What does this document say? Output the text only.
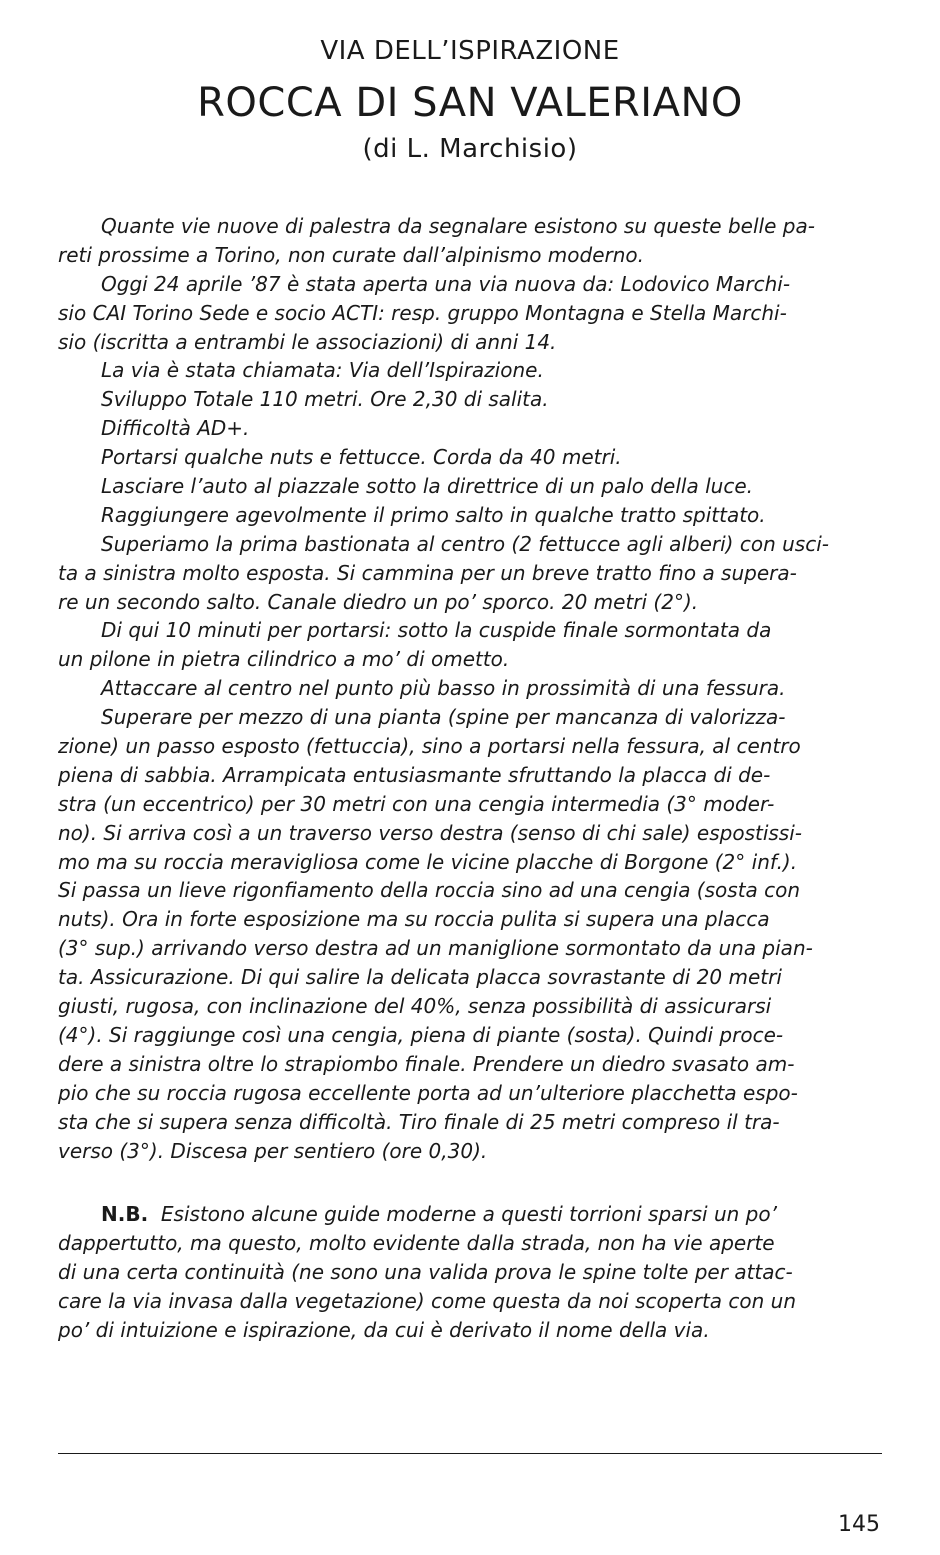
VIA DELL’ISPIRAZIONE
ROCCA DI SAN VALERIANO
(di L. Marchisio)
Quante vie nuove di palestra da segnalare esistono su queste belle pa-
reti prossime a Torino, non curate dall’alpinismo moderno.
Oggi 24 aprile ’87 è stata aperta una via nuova da: Lodovico Marchi-
sio CAI Torino Sede e socio ACTI: resp. gruppo Montagna e Stella Marchi-
sio (iscritta a entrambi le associazioni) di anni 14.
La via è stata chiamata: Via dell’Ispirazione.
Sviluppo Totale 110 metri. Ore 2,30 di salita.
Difficoltà AD+.
Portarsi qualche nuts e fettucce. Corda da 40 metri.
Lasciare l’auto al piazzale sotto la direttrice di un palo della luce.
Raggiungere agevolmente il primo salto in qualche tratto spittato.
Superiamo la prima bastionata al centro (2 fettucce agli alberi) con usci-
ta a sinistra molto esposta. Si cammina per un breve tratto fino a supera-
re un secondo salto. Canale diedro un po’ sporco. 20 metri (2°).
Di qui 10 minuti per portarsi: sotto la cuspide finale sormontata da
un pilone in pietra cilindrico a mo’ di ometto.
Attaccare al centro nel punto più basso in prossimità di una fessura.
Superare per mezzo di una pianta (spine per mancanza di valorizza-
zione) un passo esposto (fettuccia), sino a portarsi nella fessura, al centro
piena di sabbia. Arrampicata entusiasmante sfruttando la placca di de-
stra (un eccentrico) per 30 metri con una cengia intermedia (3° moder-
no). Si arriva così a un traverso verso destra (senso di chi sale) espostissi-
mo ma su roccia meravigliosa come le vicine placche di Borgone (2° inf.).
Si passa un lieve rigonfiamento della roccia sino ad una cengia (sosta con
nuts). Ora in forte esposizione ma su roccia pulita si supera una placca
(3° sup.) arrivando verso destra ad un maniglione sormontato da una pian-
ta. Assicurazione. Di qui salire la delicata placca sovrastante di 20 metri
giusti, rugosa, con inclinazione del 40%, senza possibilità di assicurarsi
(4°). Si raggiunge così una cengia, piena di piante (sosta). Quindi proce-
dere a sinistra oltre lo strapiombo finale. Prendere un diedro svasato am-
pio che su roccia rugosa eccellente porta ad un’ulteriore placchetta espo-
sta che si supera senza difficoltà. Tiro finale di 25 metri compreso il tra-
verso (3°). Discesa per sentiero (ore 0,30).
N.B. Esistono alcune guide moderne a questi torrioni sparsi un po’
dappertutto, ma questo, molto evidente dalla strada, non ha vie aperte
di una certa continuità (ne sono una valida prova le spine tolte per attac-
care la via invasa dalla vegetazione) come questa da noi scoperta con un
po’ di intuizione e ispirazione, da cui è derivato il nome della via.
145
